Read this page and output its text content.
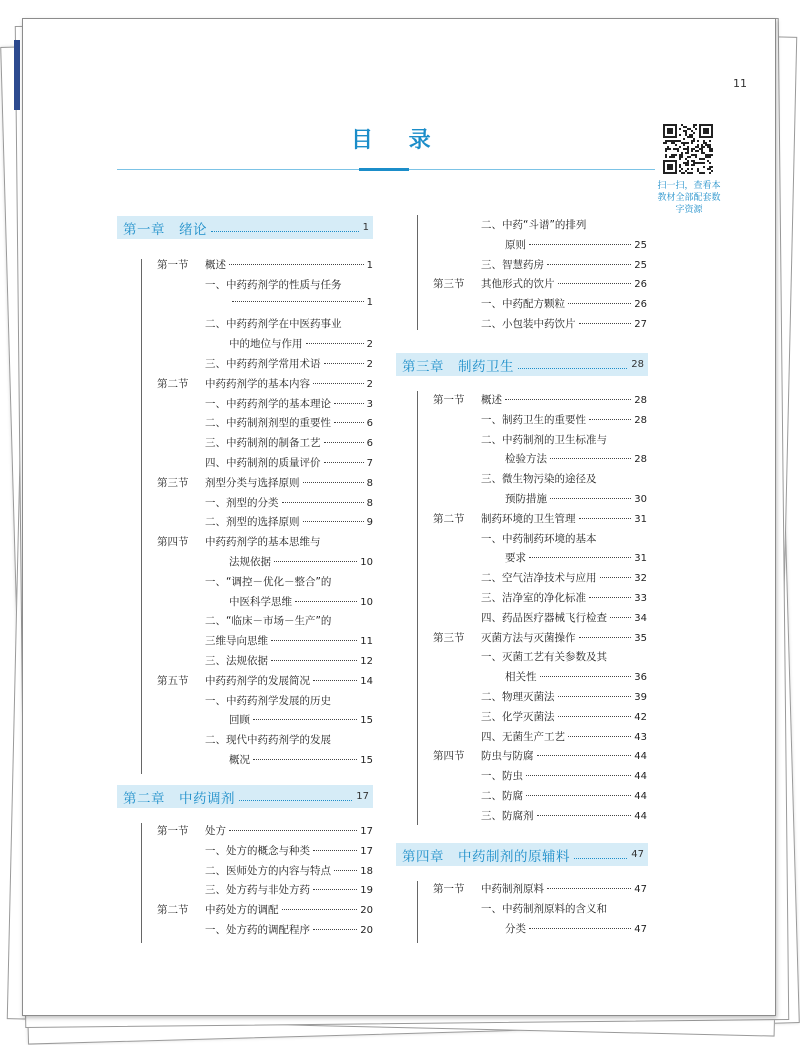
11
目 录
扫一扫，查看本教材全部配套数字资源
第一章　绪论	1
第一节 概述	1
一、中药药剂学的性质与任务
1
二、中药药剂学在中医药事业
中的地位与作用	2
三、中药药剂学常用术语	2
第二节 中药药剂学的基本内容	2
一、中药药剂学的基本理论	3
二、中药制剂剂型的重要性	6
三、中药制剂的制备工艺	6
四、中药制剂的质量评价	7
第三节 剂型分类与选择原则	8
一、剂型的分类	8
二、剂型的选择原则	9
第四节 中药药剂学的基本思维与
法规依据	10
一、“调控－优化－整合”的
中医科学思维	10
二、“临床－市场－生产”的
三维导向思维	11
三、法规依据	12
第五节 中药药剂学的发展简况	14
一、中药药剂学发展的历史
回顾	15
二、现代中药药剂学的发展
概况	15
第二章　中药调剂	17
第一节 处方	17
一、处方的概念与种类	17
二、医师处方的内容与特点	18
三、处方药与非处方药	19
第二节 中药处方的调配	20
一、处方药的调配程序	20
二、中药“斗谱”的排列
原则	25
三、智慧药房	25
第三节 其他形式的饮片	26
一、中药配方颗粒	26
二、小包装中药饮片	27
第三章　制药卫生	28
第一节 概述	28
一、制药卫生的重要性	28
二、中药制剂的卫生标准与
检验方法	28
三、微生物污染的途径及
预防措施	30
第二节 制药环境的卫生管理	31
一、中药制药环境的基本
要求	31
二、空气洁净技术与应用	32
三、洁净室的净化标准	33
四、药品医疗器械飞行检查	34
第三节 灭菌方法与灭菌操作	35
一、灭菌工艺有关参数及其
相关性	36
二、物理灭菌法	39
三、化学灭菌法	42
四、无菌生产工艺	43
第四节 防虫与防腐	44
一、防虫	44
二、防腐	44
三、防腐剂	44
第四章　中药制剂的原辅料	47
第一节 中药制剂原料	47
一、中药制剂原料的含义和
分类	47
